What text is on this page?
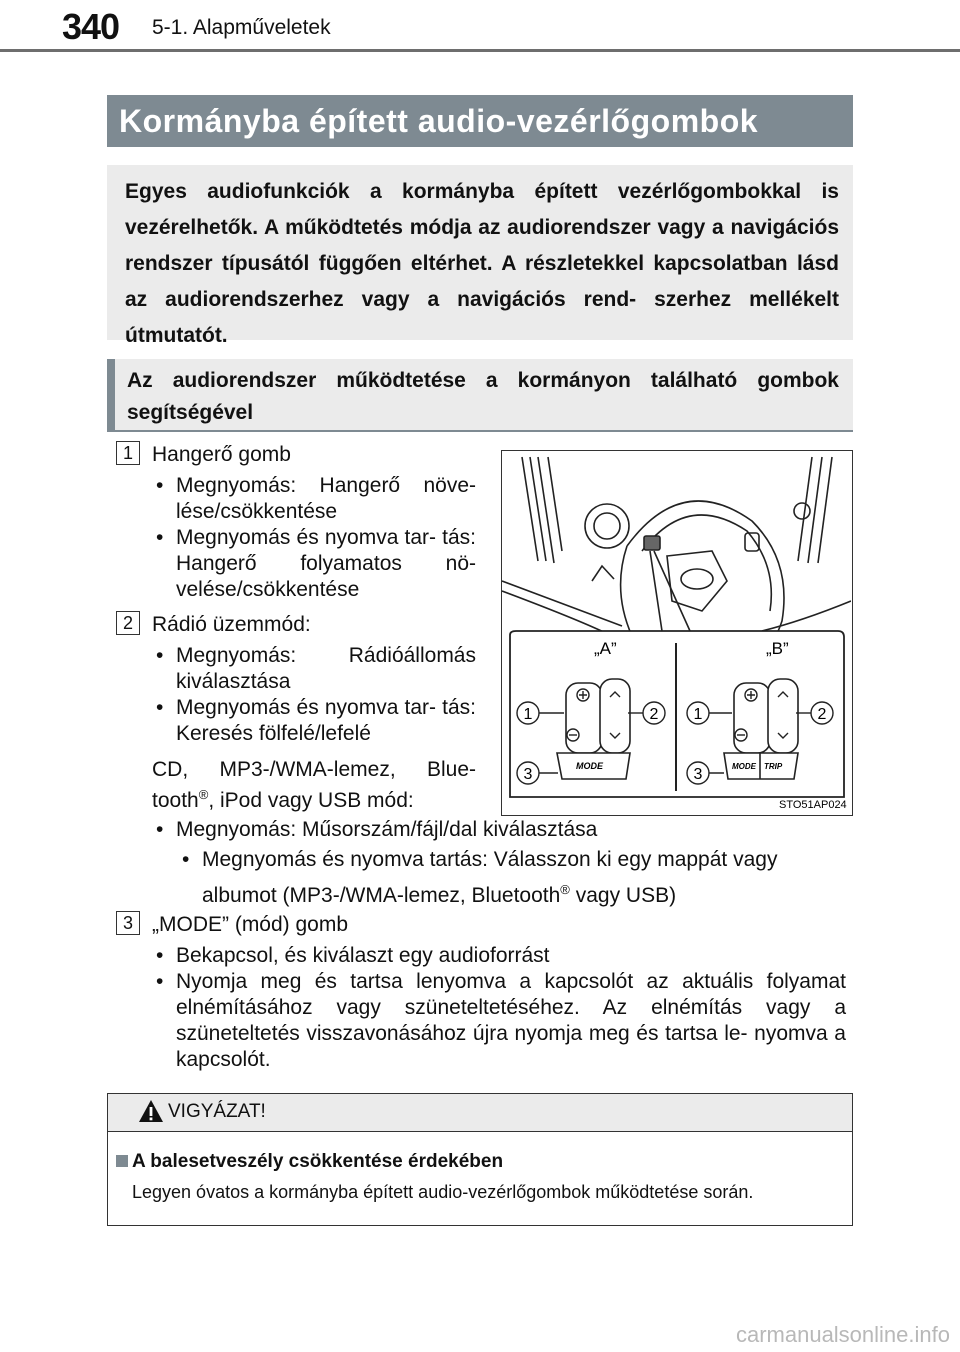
340 5-1. Alapműveletek
Kormányba épített audio-vezérlőgombok
Egyes audiofunkciók a kormányba épített vezérlőgombokkal is vezérelhetők. A működtetés módja az audiorendszer vagy a navigációs rendszer típusától függően eltérhet. A részletekkel kapcsolatban lásd az audiorendszerhez vagy a navigációs rend- szerhez mellékelt útmutatót.
Az audiorendszer működtetése a kormányon található gombok segítségével
1 Hangerő gomb
• Megnyomás: Hangerő növe- lése/csökkentése
• Megnyomás és nyomva tar- tás: Hangerő folyamatos nö- velése/csökkentése
2 Rádió üzemmód:
• Megnyomás: Rádióállomás kiválasztása
• Megnyomás és nyomva tar- tás: Keresés fölfelé/lefelé
CD, MP3-/WMA-lemez, Blue-
tooth®, iPod vagy USB mód:
• Megnyomás: Műsorszám/fájl/dal kiválasztása
• Megnyomás és nyomva tartás: Válasszon ki egy mappát vagy
albumot (MP3-/WMA-lemez, Bluetooth® vagy USB)
3 „MODE” (mód) gomb
• Bekapcsol, és kiválaszt egy audioforrást
• Nyomja meg és tartsa lenyomva a kapcsolót az aktuális folyamat elnémításához vagy szüneteltetéséhez. Az elnémítás vagy a szüneteltetés visszavonásához újra nyomja meg és tartsa le- nyomva a kapcsolót.
„A”	„B”
1	2
3
1	2
3
MODE	MODE TRIP
STO51AP024
VIGYÁZAT!
A balesetveszély csökkentése érdekében
Legyen óvatos a kormányba épített audio-vezérlőgombok működtetése során.
carmanualsonline.info
